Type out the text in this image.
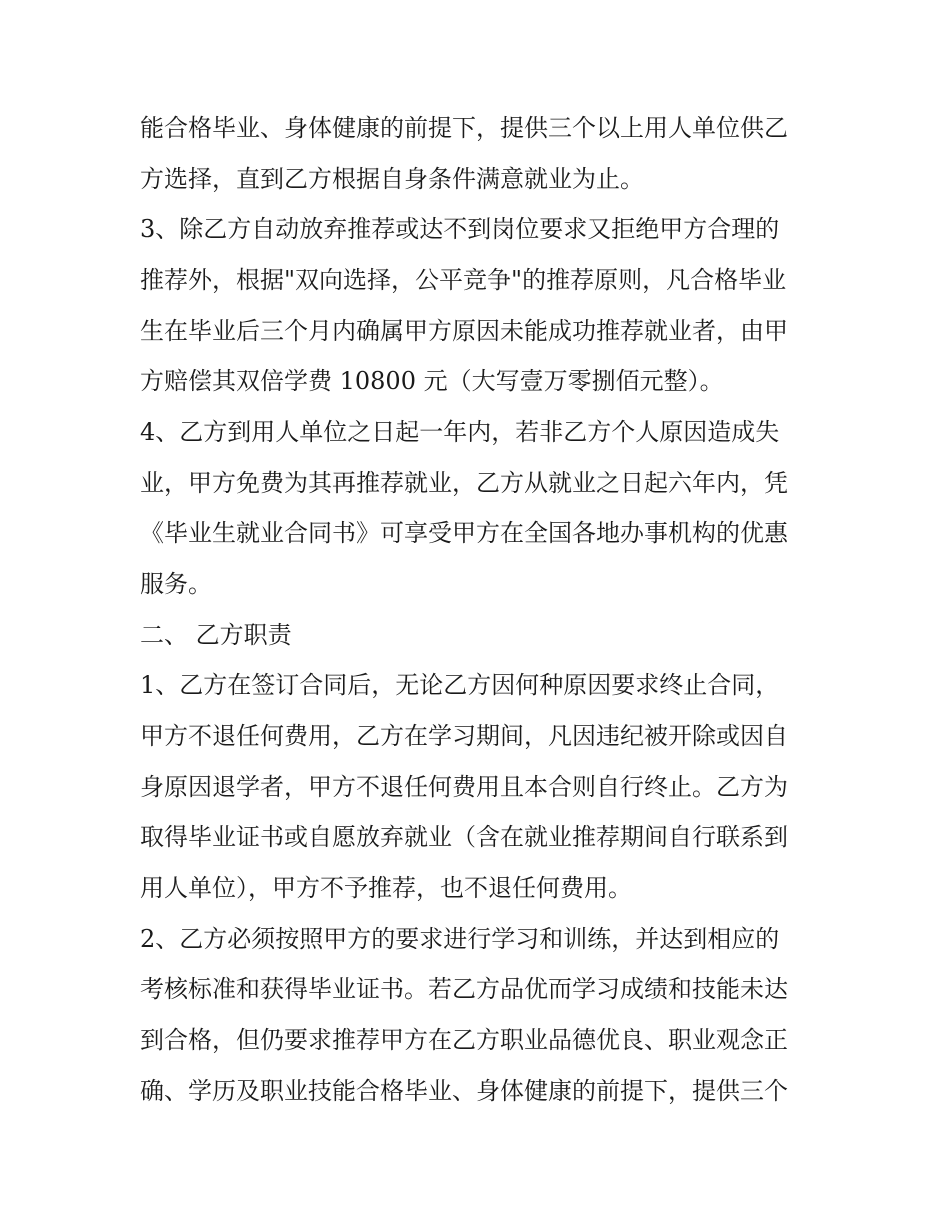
能合格毕业、身体健康的前提下，提供三个以上用人单位供乙

方选择，直到乙方根据自身条件满意就业为止。

3、除乙方自动放弃推荐或达不到岗位要求又拒绝甲方合理的

推荐外，根据"双向选择，公平竞争"的推荐原则，凡合格毕业

生在毕业后三个月内确属甲方原因未能成功推荐就业者，由甲

方赔偿其双倍学费 10800 元（大写壹万零捌佰元整）。

4、乙方到用人单位之日起一年内，若非乙方个人原因造成失

业，甲方免费为其再推荐就业，乙方从就业之日起六年内，凭

《毕业生就业合同书》可享受甲方在全国各地办事机构的优惠

服务。

二、 乙方职责

1、乙方在签订合同后，无论乙方因何种原因要求终止合同，

甲方不退任何费用，乙方在学习期间，凡因违纪被开除或因自

身原因退学者，甲方不退任何费用且本合则自行终止。乙方为

取得毕业证书或自愿放弃就业（含在就业推荐期间自行联系到

用人单位），甲方不予推荐，也不退任何费用。

2、乙方必须按照甲方的要求进行学习和训练，并达到相应的

考核标准和获得毕业证书。若乙方品优而学习成绩和技能未达

到合格，但仍要求推荐甲方在乙方职业品德优良、职业观念正

确、学历及职业技能合格毕业、身体健康的前提下，提供三个
